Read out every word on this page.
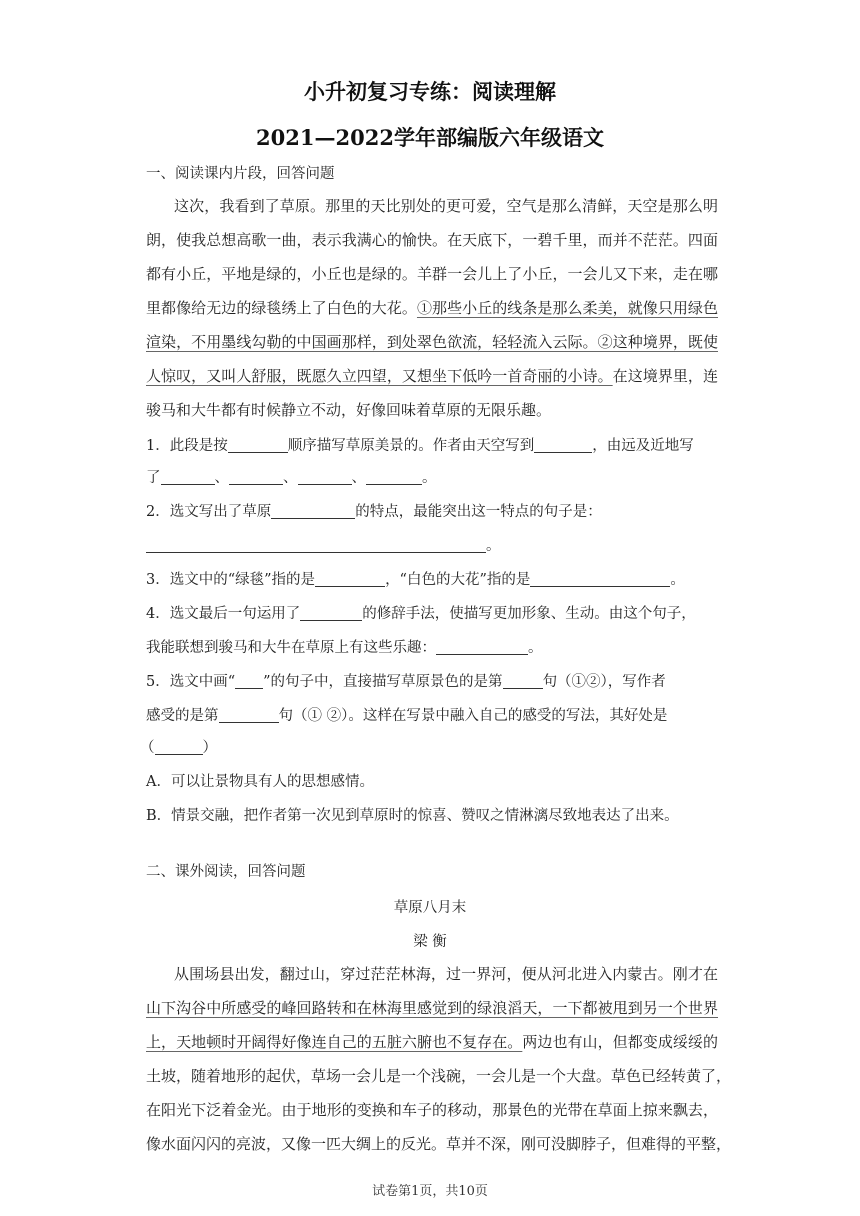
小升初复习专练：阅读理解
2021—2022学年部编版六年级语文
一、阅读课内片段，回答问题
这次，我看到了草原。那里的天比别处的更可爱，空气是那么清鲜，天空是那么明
朗，使我总想高歌一曲，表示我满心的愉快。在天底下，一碧千里，而并不茫茫。四面
都有小丘，平地是绿的，小丘也是绿的。羊群一会儿上了小丘，一会儿又下来，走在哪
里都像给无边的绿毯绣上了白色的大花。①那些小丘的线条是那么柔美，就像只用绿色
渲染，不用墨线勾勒的中国画那样，到处翠色欲流，轻轻流入云际。②这种境界，既使
人惊叹，又叫人舒服，既愿久立四望，又想坐下低吟一首奇丽的小诗。在这境界里，连
骏马和大牛都有时候静立不动，好像回味着草原的无限乐趣。
1．此段是按	顺序描写草原美景的。作者由天空写到	，由远及近地写
了	、	、	、	。
2．选文写出了草原	的特点，最能突出这一特点的句子是：
。
3．选文中的“绿毯”指的是	，“白色的大花”指的是	。
4．选文最后一句运用了	的修辞手法，使描写更加形象、生动。由这个句子，
我能联想到骏马和大牛在草原上有这些乐趣：	。
5．选文中画“ ”的句子中，直接描写草原景色的是第	句（①②），写作者
感受的是第	句（① ②）。这样在写景中融入自己的感受的写法，其好处是
（	）
A．可以让景物具有人的思想感情。
B．情景交融，把作者第一次见到草原时的惊喜、赞叹之情淋漓尽致地表达了出来。
二、课外阅读，回答问题
草原八月末
梁 衡
从围场县出发，翻过山，穿过茫茫林海，过一界河，便从河北进入内蒙古。刚才在
山下沟谷中所感受的峰回路转和在林海里感觉到的绿浪滔天，一下都被甩到另一个世界
上，天地顿时开阔得好像连自己的五脏六腑也不复存在。两边也有山，但都变成绥绥的
土坡，随着地形的起伏，草场一会儿是一个浅碗，一会儿是一个大盘。草色已经转黄了，
在阳光下泛着金光。由于地形的变换和车子的移动，那景色的光带在草面上掠来飘去，
像水面闪闪的亮波，又像一匹大绸上的反光。草并不深，刚可没脚脖子，但难得的平整，
试卷第1页，共10页
